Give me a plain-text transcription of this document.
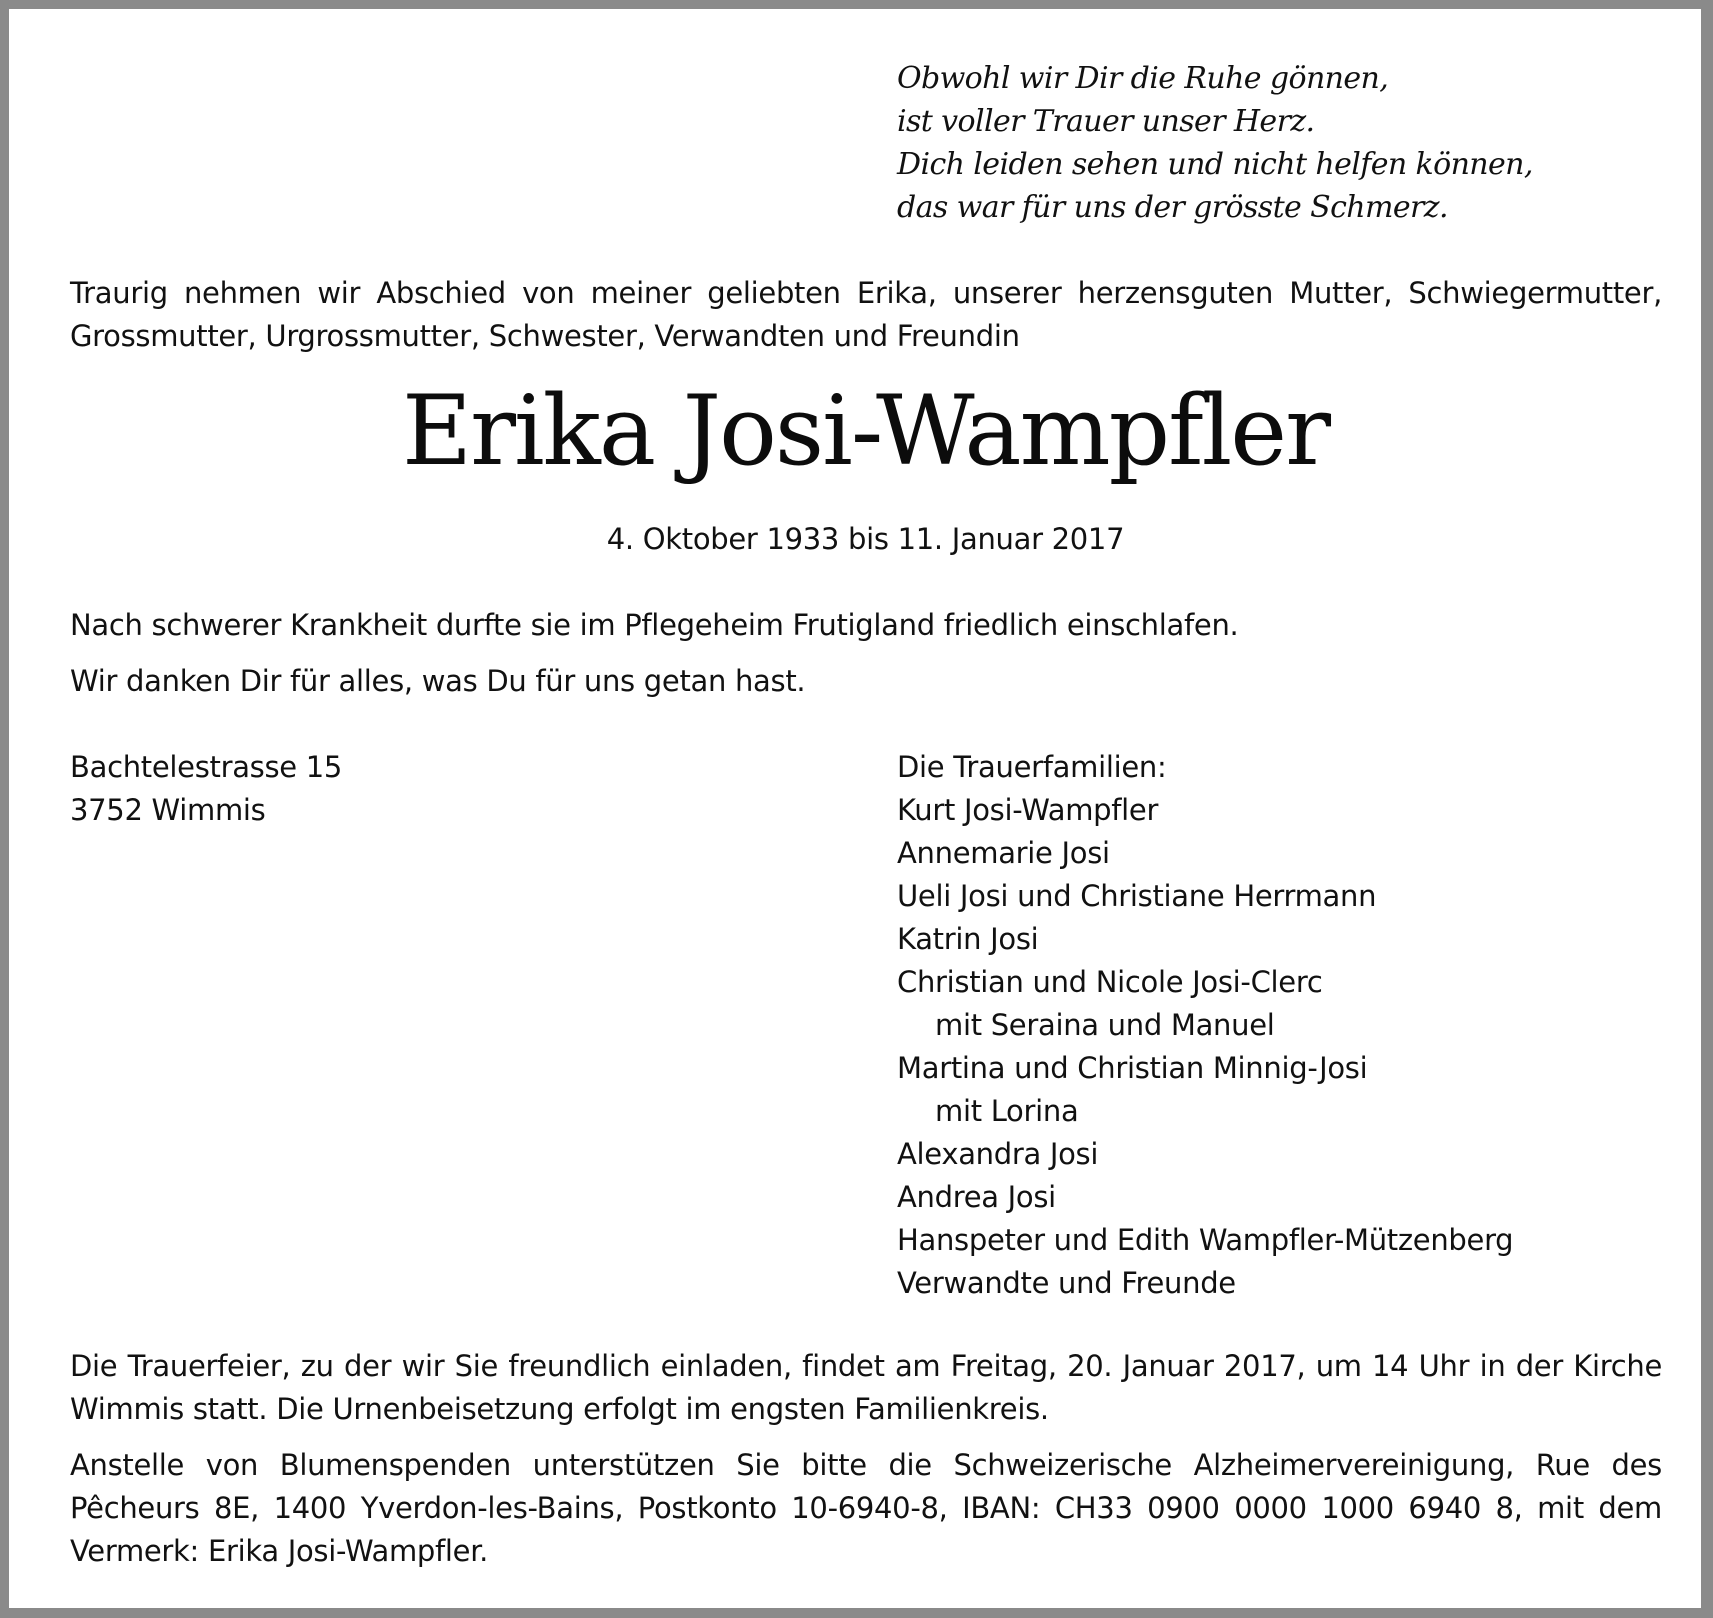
Obwohl wir Dir die Ruhe gönnen,
ist voller Trauer unser Herz.
Dich leiden sehen und nicht helfen können,
das war für uns der grösste Schmerz.
Traurig nehmen wir Abschied von meiner geliebten Erika, unserer herzensguten Mutter, Schwiegermutter, Grossmutter, Urgrossmutter, Schwester, Verwandten und Freundin
Erika Josi-Wampfler
4. Oktober 1933 bis 11. Januar 2017
Nach schwerer Krankheit durfte sie im Pflegeheim Frutigland friedlich einschlafen.
Wir danken Dir für alles, was Du für uns getan hast.
Bachtelestrasse 15
3752 Wimmis
Die Trauerfamilien:
Kurt Josi-Wampfler
Annemarie Josi
Ueli Josi und Christiane Herrmann
Katrin Josi
Christian und Nicole Josi-Clerc
mit Seraina und Manuel
Martina und Christian Minnig-Josi
mit Lorina
Alexandra Josi
Andrea Josi
Hanspeter und Edith Wampfler-Mützenberg
Verwandte und Freunde
Die Trauerfeier, zu der wir Sie freundlich einladen, findet am Freitag, 20. Januar 2017, um 14 Uhr in der Kirche Wimmis statt. Die Urnenbeisetzung erfolgt im engsten Familienkreis.
Anstelle von Blumenspenden unterstützen Sie bitte die Schweizerische Alzheimervereinigung, Rue des Pêcheurs 8E, 1400 Yverdon-les-Bains, Postkonto 10-6940-8, IBAN: CH33 0900 0000 1000 6940 8, mit dem Vermerk: Erika Josi-Wampfler.
